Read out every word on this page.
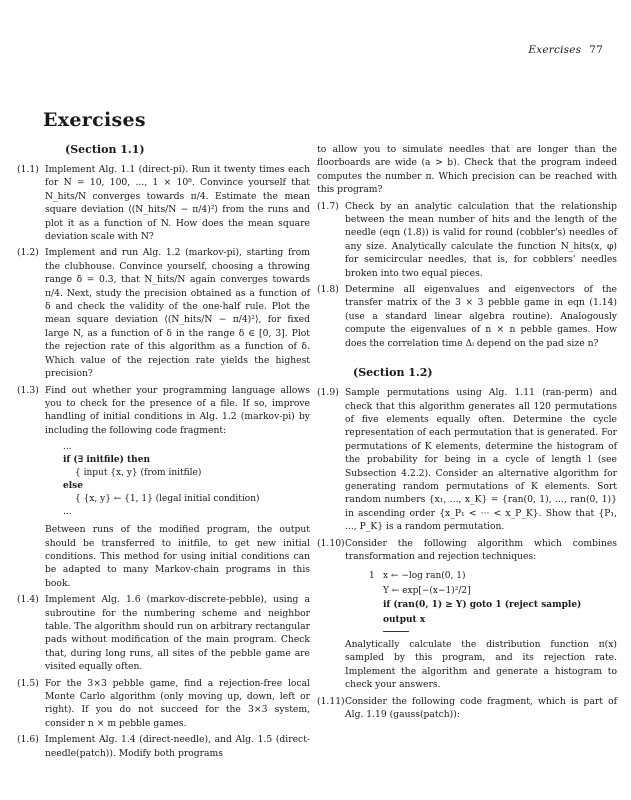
Exercises 77
Exercises
(Section 1.1)
(1.1) Implement Alg. 1.1 (direct-pi). Run it twenty times each for N = 10, 100, ..., 1 × 10⁸. Convince yourself that N_hits/N converges towards π/4. Estimate the mean square deviation ⟨(N_hits/N − π/4)²⟩ from the runs and plot it as a function of N. How does the mean square deviation scale with N?
(1.2) Implement and run Alg. 1.2 (markov-pi), starting from the clubhouse. Convince yourself, choosing a throwing range δ = 0.3, that N_hits/N again converges towards π/4. Next, study the precision obtained as a function of δ and check the validity of the one-half rule. Plot the mean square deviation ⟨(N_hits/N − π/4)²⟩, for fixed large N, as a function of δ in the range δ ∈ [0, 3]. Plot the rejection rate of this algorithm as a function of δ. Which value of the rejection rate yields the highest precision?
(1.3) Find out whether your programming language allows you to check for the presence of a file. If so, improve handling of initial conditions in Alg. 1.2 (markov-pi) by including the following code fragment:
...
if (∃ initfile) then
{ input {x, y} (from initfile)
else
{ {x, y} ← {1, 1} (legal initial condition)
...
Between runs of the modified program, the output should be transferred to initfile, to get new initial conditions. This method for using initial conditions can be adapted to many Markov-chain programs in this book.
(1.4) Implement Alg. 1.6 (markov-discrete-pebble), using a subroutine for the numbering scheme and neighbor table. The algorithm should run on arbitrary rectangular pads without modification of the main program. Check that, during long runs, all sites of the pebble game are visited equally often.
(1.5) For the 3×3 pebble game, find a rejection-free local Monte Carlo algorithm (only moving up, down, left or right). If you do not succeed for the 3×3 system, consider n × m pebble games.
(1.6) Implement Alg. 1.4 (direct-needle), and Alg. 1.5 (direct-needle(patch)). Modify both programs
to allow you to simulate needles that are longer than the floorboards are wide (a > b). Check that the program indeed computes the number π. Which precision can be reached with this program?
(1.7) Check by an analytic calculation that the relationship between the mean number of hits and the length of the needle (eqn (1.8)) is valid for round (cobbler's) needles of any size. Analytically calculate the function N_hits(x, φ) for semicircular needles, that is, for cobblers' needles broken into two equal pieces.
(1.8) Determine all eigenvalues and eigenvectors of the transfer matrix of the 3 × 3 pebble game in eqn (1.14) (use a standard linear algebra routine). Analogously compute the eigenvalues of n × n pebble games. How does the correlation time Δᵢ depend on the pad size n?
(Section 1.2)
(1.9) Sample permutations using Alg. 1.11 (ran-perm) and check that this algorithm generates all 120 permutations of five elements equally often. Determine the cycle representation of each permutation that is generated. For permutations of K elements, determine the histogram of the probability for being in a cycle of length l (see Subsection 4.2.2). Consider an alternative algorithm for generating random permutations of K elements. Sort random numbers {x₁, ..., x_K} = {ran(0, 1), ..., ran(0, 1)} in ascending order {x_P₁ < ··· < x_P_K}. Show that {P₁, ..., P_K} is a random permutation.
(1.10) Consider the following algorithm which combines transformation and rejection techniques:
1 x ← −log ran(0, 1)
Υ ← exp[−(x−1)²/2]
if (ran(0, 1) ≥ Υ) goto 1 (reject sample)
output x
Analytically calculate the distribution function π(x) sampled by this program, and its rejection rate. Implement the algorithm and generate a histogram to check your answers.
(1.11) Consider the following code fragment, which is part of Alg. 1.19 (gauss(patch)):
